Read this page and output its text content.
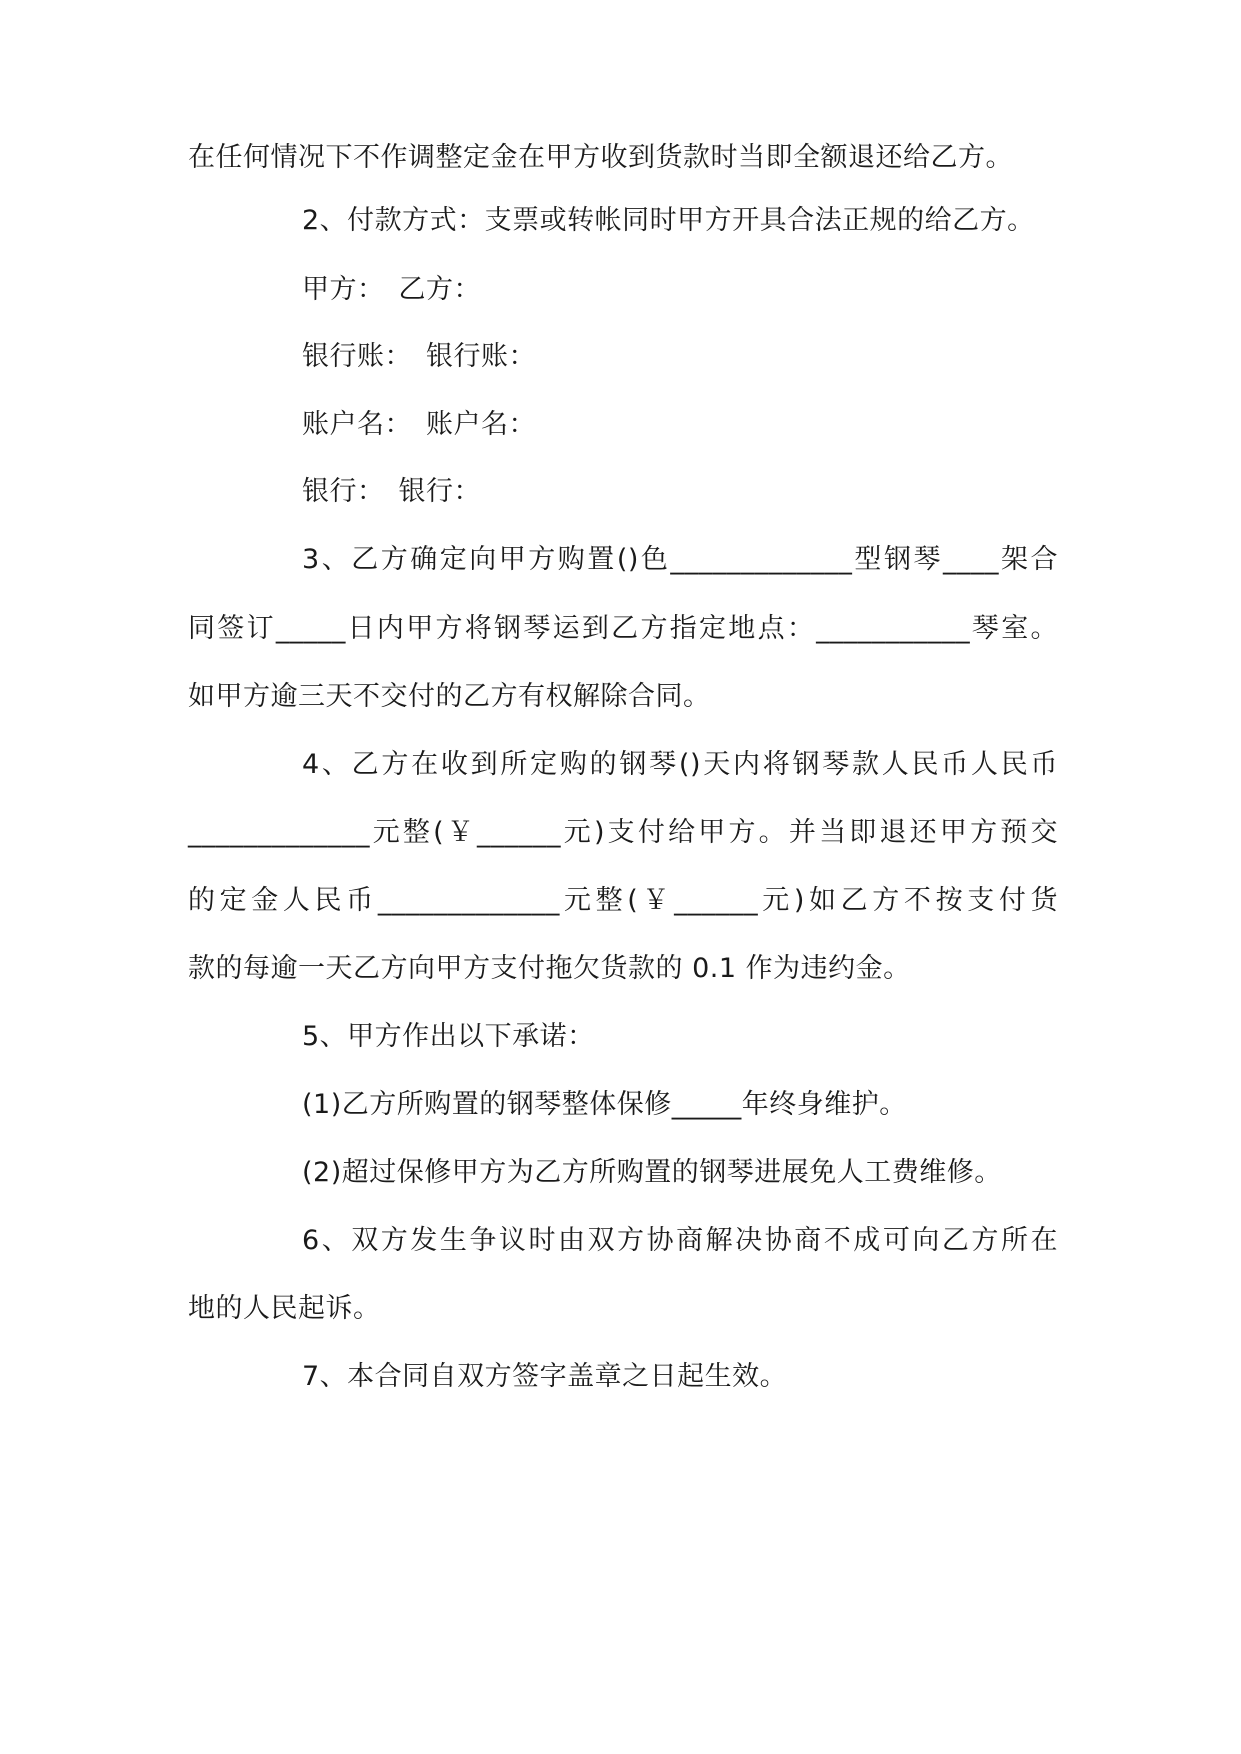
在任何情况下不作调整定金在甲方收到货款时当即全额退还给乙方。
2、付款方式：支票或转帐同时甲方开具合法正规的给乙方。
甲方：　乙方：
银行账：　银行账：
账户名：　账户名：
银行：　银行：
3、乙方确定向甲方购置()色_____________型钢琴____架合
同签订_____日内甲方将钢琴运到乙方指定地点：___________琴室。
如甲方逾三天不交付的乙方有权解除合同。
4、乙方在收到所定购的钢琴()天内将钢琴款人民币人民币
_____________元整(￥______元)支付给甲方。并当即退还甲方预交
的定金人民币_____________元整(￥______元)如乙方不按支付货
款的每逾一天乙方向甲方支付拖欠货款的 0.1 作为违约金。
5、甲方作出以下承诺：
(1)乙方所购置的钢琴整体保修_____年终身维护。
(2)超过保修甲方为乙方所购置的钢琴进展免人工费维修。
6、双方发生争议时由双方协商解决协商不成可向乙方所在
地的人民起诉。
7、本合同自双方签字盖章之日起生效。
